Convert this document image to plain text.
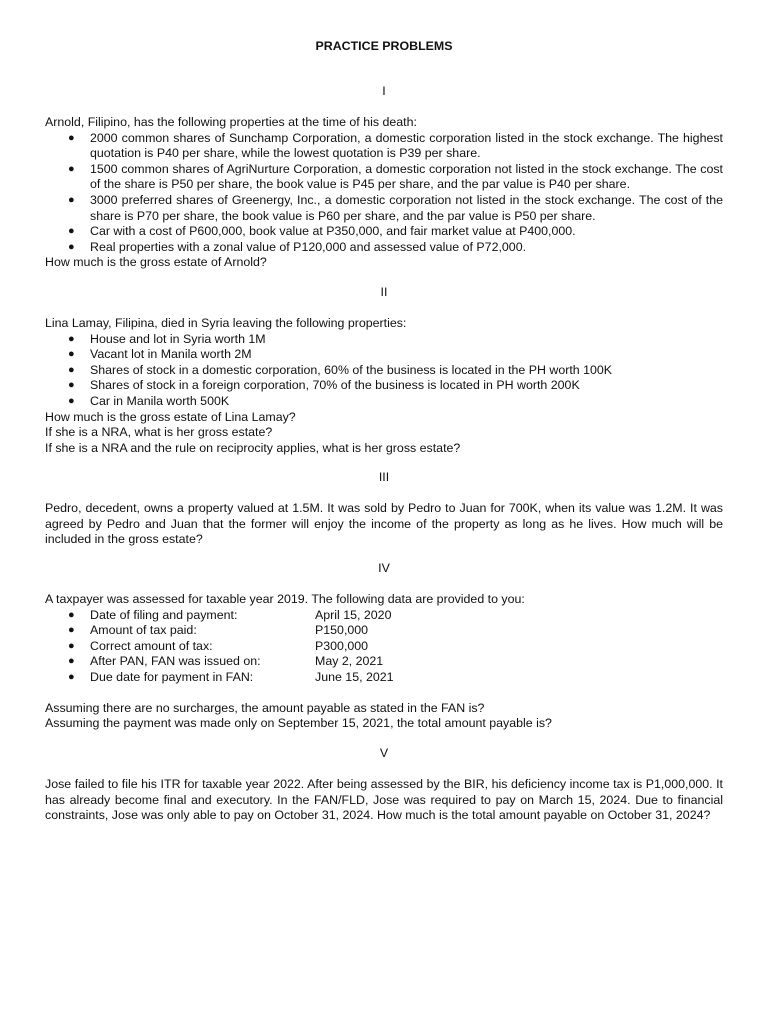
PRACTICE PROBLEMS
I

Arnold, Filipino, has the following properties at the time of his death:

● 2000 common shares of Sunchamp Corporation, a domestic corporation listed in the stock exchange. The highest quotation is P40 per share, while the lowest quotation is P39 per share.
● 1500 common shares of AgriNurture Corporation, a domestic corporation not listed in the stock exchange. The cost of the share is P50 per share, the book value is P45 per share, and the par value is P40 per share.
● 3000 preferred shares of Greenergy, Inc., a domestic corporation not listed in the stock exchange. The cost of the share is P70 per share, the book value is P60 per share, and the par value is P50 per share.
● Car with a cost of P600,000, book value at P350,000, and fair market value at P400,000.
● Real properties with a zonal value of P120,000 and assessed value of P72,000.

How much is the gross estate of Arnold?

II

Lina Lamay, Filipina, died in Syria leaving the following properties:

● House and lot in Syria worth 1M
● Vacant lot in Manila worth 2M
● Shares of stock in a domestic corporation, 60% of the business is located in the PH worth 100K
● Shares of stock in a foreign corporation, 70% of the business is located in PH worth 200K
● Car in Manila worth 500K

How much is the gross estate of Lina Lamay?

If she is a NRA, what is her gross estate?

If she is a NRA and the rule on reciprocity applies, what is her gross estate?

III

Pedro, decedent, owns a property valued at 1.5M. It was sold by Pedro to Juan for 700K, when its value was 1.2M. It was agreed by Pedro and Juan that the former will enjoy the income of the property as long as he lives. How much will be included in the gross estate?

IV

A taxpayer was assessed for taxable year 2019. The following data are provided to you:

● Date of filing and payment:	April 15, 2020
● Amount of tax paid:	P150,000
● Correct amount of tax:	P300,000
● After PAN, FAN was issued on:	May 2, 2021
● Due date for payment in FAN:	June 15, 2021

Assuming there are no surcharges, the amount payable as stated in the FAN is?

Assuming the payment was made only on September 15, 2021, the total amount payable is?

V

Jose failed to file his ITR for taxable year 2022. After being assessed by the BIR, his deficiency income tax is P1,000,000. It has already become final and executory. In the FAN/FLD, Jose was required to pay on March 15, 2024. Due to financial constraints, Jose was only able to pay on October 31, 2024. How much is the total amount payable on October 31, 2024?
